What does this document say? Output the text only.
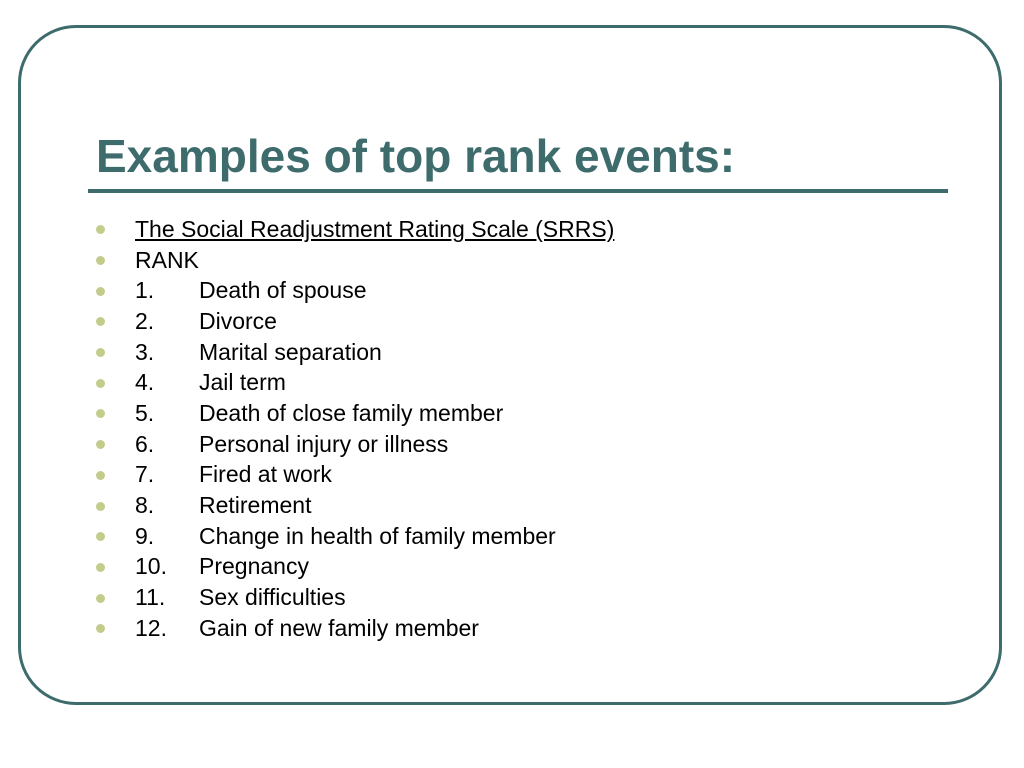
Examples of top rank events:
The Social Readjustment Rating Scale (SRRS)
RANK
1. Death of spouse
2. Divorce
3. Marital separation
4. Jail term
5. Death of close family member
6. Personal injury or illness
7. Fired at work
8. Retirement
9. Change in health of family member
10. Pregnancy
11. Sex difficulties
12. Gain of new family member
